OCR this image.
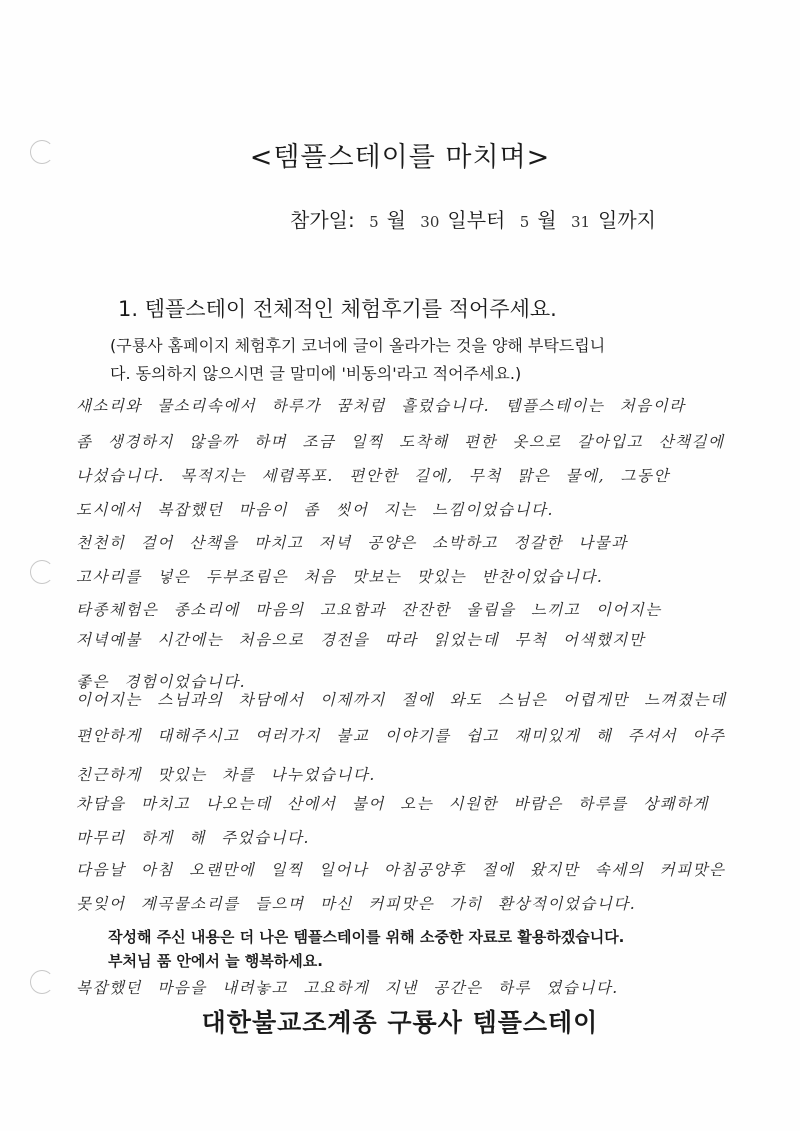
<템플스테이를 마치며>
참가일: 5 월 30 일부터 5 월 31 일까지
1. 템플스테이 전체적인 체험후기를 적어주세요.
(구룡사 홈페이지 체험후기 코너에 글이 올라가는 것을 양해 부탁드립니
다. 동의하지 않으시면 글 말미에 '비동의'라고 적어주세요.)
새소리와 물소리속에서 하루가 꿈처럼 흘렀습니다. 템플스테이는 처음이라
좀 생경하지 않을까 하며 조금 일찍 도착해 편한 옷으로 갈아입고 산책길에
나섰습니다. 목적지는 세렴폭포. 편안한 길에, 무척 맑은 물에, 그동안
도시에서 복잡했던 마음이 좀 씻어 지는 느낌이었습니다.
천천히 걸어 산책을 마치고 저녁 공양은 소박하고 정갈한 나물과
고사리를 넣은 두부조림은 처음 맛보는 맛있는 반찬이었습니다.
타종체험은 종소리에 마음의 고요함과 잔잔한 울림을 느끼고 이어지는
저녁예불 시간에는 처음으로 경전을 따라 읽었는데 무척 어색했지만
좋은 경험이었습니다.
이어지는 스님과의 차담에서 이제까지 절에 와도 스님은 어렵게만 느껴졌는데
편안하게 대해주시고 여러가지 불교 이야기를 쉽고 재미있게 해 주셔서 아주
친근하게 맛있는 차를 나누었습니다.
차담을 마치고 나오는데 산에서 불어 오는 시원한 바람은 하루를 상쾌하게
마무리 하게 해 주었습니다.
다음날 아침 오랜만에 일찍 일어나 아침공양후 절에 왔지만 속세의 커피맛은
못잊어 계곡물소리를 들으며 마신 커피맛은 가히 환상적이었습니다.
복잡했던 마음을 내려놓고 고요하게 지낸 공간은 하루 였습니다.
작성해 주신 내용은 더 나은 템플스테이를 위해 소중한 자료로 활용하겠습니다.
부처님 품 안에서 늘 행복하세요.
대한불교조계종 구룡사 템플스테이
